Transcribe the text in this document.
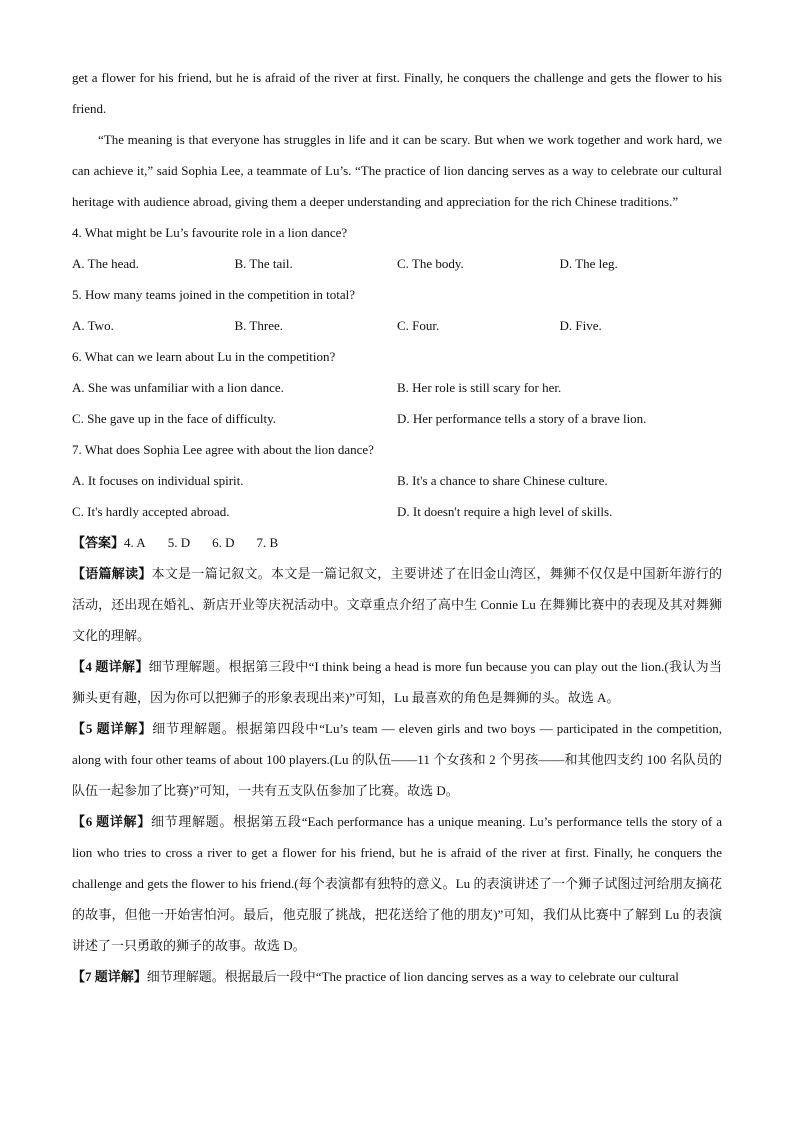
get a flower for his friend, but he is afraid of the river at first. Finally, he conquers the challenge and gets the flower to his friend.

“The meaning is that everyone has struggles in life and it can be scary. But when we work together and work hard, we can achieve it,” said Sophia Lee, a teammate of Lu’s. “The practice of lion dancing serves as a way to celebrate our cultural heritage with audience abroad, giving them a deeper understanding and appreciation for the rich Chinese traditions.”

4. What might be Lu’s favourite role in a lion dance?

A. The head.	B. The tail.	C. The body.	D. The leg.

5. How many teams joined in the competition in total?

A. Two.	B. Three.	C. Four.	D. Five.

6. What can we learn about Lu in the competition?

A. She was unfamiliar with a lion dance.	B. Her role is still scary for her.
C. She gave up in the face of difficulty.	D. Her performance tells a story of a brave lion.

7. What does Sophia Lee agree with about the lion dance?

A. It focuses on individual spirit.	B. It's a chance to share Chinese culture.
C. It's hardly accepted abroad.	D. It doesn't require a high level of skills.

【答案】4. A 5. D 6. D 7. B

【语篇解读】本文是一篇记叙文。本文是一篇记叙文，主要讲述了在旧金山湾区，舞狮不仅仅是中国新年游行的活动，还出现在婚礼、新店开业等庆祝活动中。文章重点介绍了高中生 Connie Lu 在舞狮比赛中的表现及其对舞狮文化的理解。

【4 题详解】细节理解题。根据第三段中“I think being a head is more fun because you can play out the lion.(我认为当狮头更有趣，因为你可以把狮子的形象表现出来)”可知，Lu 最喜欢的角色是舞狮的头。故选 A。

【5 题详解】细节理解题。根据第四段中“Lu’s team — eleven girls and two boys — participated in the competition, along with four other teams of about 100 players.(Lu 的队伍——11 个女孩和 2 个男孩——和其他四支约 100 名队员的队伍一起参加了比赛)”可知，一共有五支队伍参加了比赛。故选 D。

【6 题详解】细节理解题。根据第五段“Each performance has a unique meaning. Lu’s performance tells the story of a lion who tries to cross a river to get a flower for his friend, but he is afraid of the river at first. Finally, he conquers the challenge and gets the flower to his friend.(每个表演都有独特的意义。Lu 的表演讲述了一个狮子试图过河给朋友摘花的故事，但他一开始害怕河。最后，他克服了挑战，把花送给了他的朋友)”可知，我们从比赛中了解到 Lu 的表演讲述了一只勇敢的狮子的故事。故选 D。

【7 题详解】细节理解题。根据最后一段中“The practice of lion dancing serves as a way to celebrate our cultural
